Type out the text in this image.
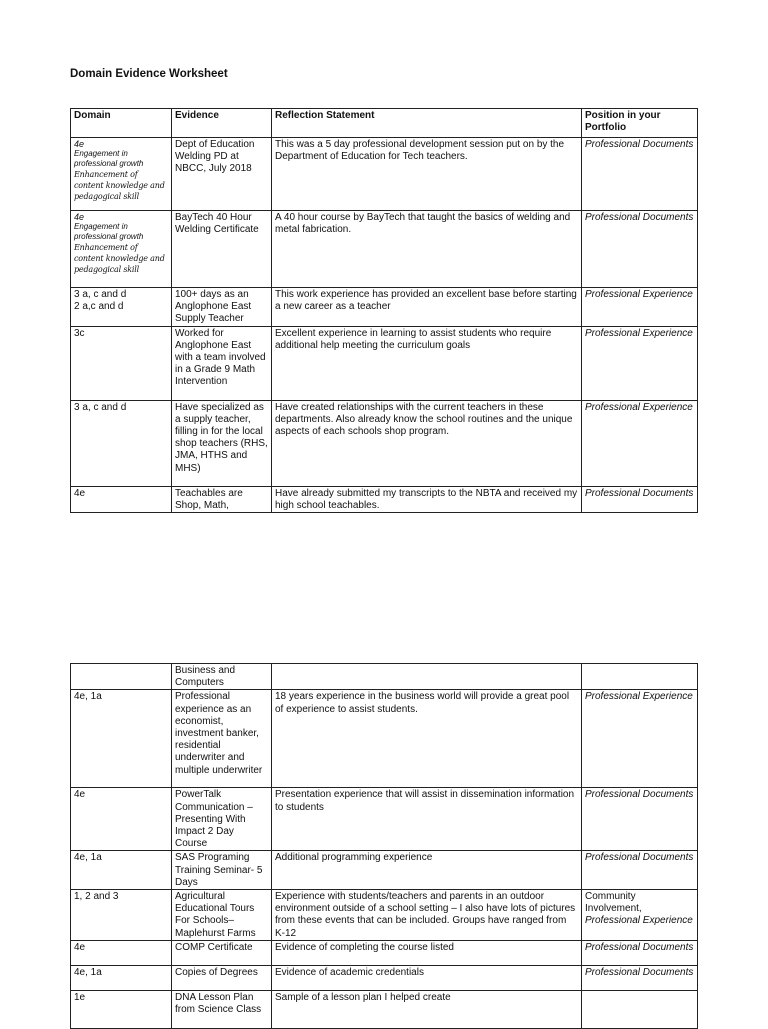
Domain Evidence Worksheet
Domain	Evidence	Reflection Statement	Position in your Portfolio

4e
Engagement in professional growth
Enhancement of content knowledge and pedagogical skill	Dept of Education Welding PD at NBCC, July 2018	This was a 5 day professional development session put on by the Department of Education for Tech teachers.	Professional Documents

4e
Engagement in professional growth
Enhancement of content knowledge and pedagogical skill	BayTech 40 Hour Welding Certificate	A 40 hour course by BayTech that taught the basics of welding and metal fabrication.	Professional Documents
3 a, c and d
2 a,c and d	100+ days as an Anglophone East Supply Teacher	This work experience has provided an excellent base before starting a new career as a teacher	Professional Experience
3c	Worked for Anglophone East with a team involved in a Grade 9 Math Intervention	Excellent experience in learning to assist students who require additional help meeting the curriculum goals	Professional Experience
3 a, c and d	Have specialized as a supply teacher, filling in for the local shop teachers (RHS, JMA, HTHS and MHS)	Have created relationships with the current teachers in these departments. Also already know the school routines and the unique aspects of each schools shop program.	Professional Experience
4e	Teachables are Shop, Math,	Have already submitted my transcripts to the NBTA and received my high school teachables.	Professional Documents
	Business and Computers		
4e, 1a	Professional experience as an economist, investment banker, residential underwriter and multiple underwriter	18 years experience in the business world will provide a great pool of experience to assist students.	Professional Experience
4e	PowerTalk Communication – Presenting With Impact 2 Day Course	Presentation experience that will assist in dissemination information to students	Professional Documents
4e, 1a	SAS Programing Training Seminar- 5 Days	Additional programming experience	Professional Documents
1, 2 and 3	Agricultural Educational Tours For Schools– Maplehurst Farms	Experience with students/teachers and parents in an outdoor environment outside of a school setting – I also have lots of pictures from these events that can be included. Groups have ranged from K-12	Community Involvement,
Professional Experience

4e	COMP Certificate	Evidence of completing the course listed	Professional Documents
4e, 1a	Copies of Degrees	Evidence of academic credentials	Professional Documents
1e	DNA Lesson Plan from Science Class	Sample of a lesson plan I helped create	
